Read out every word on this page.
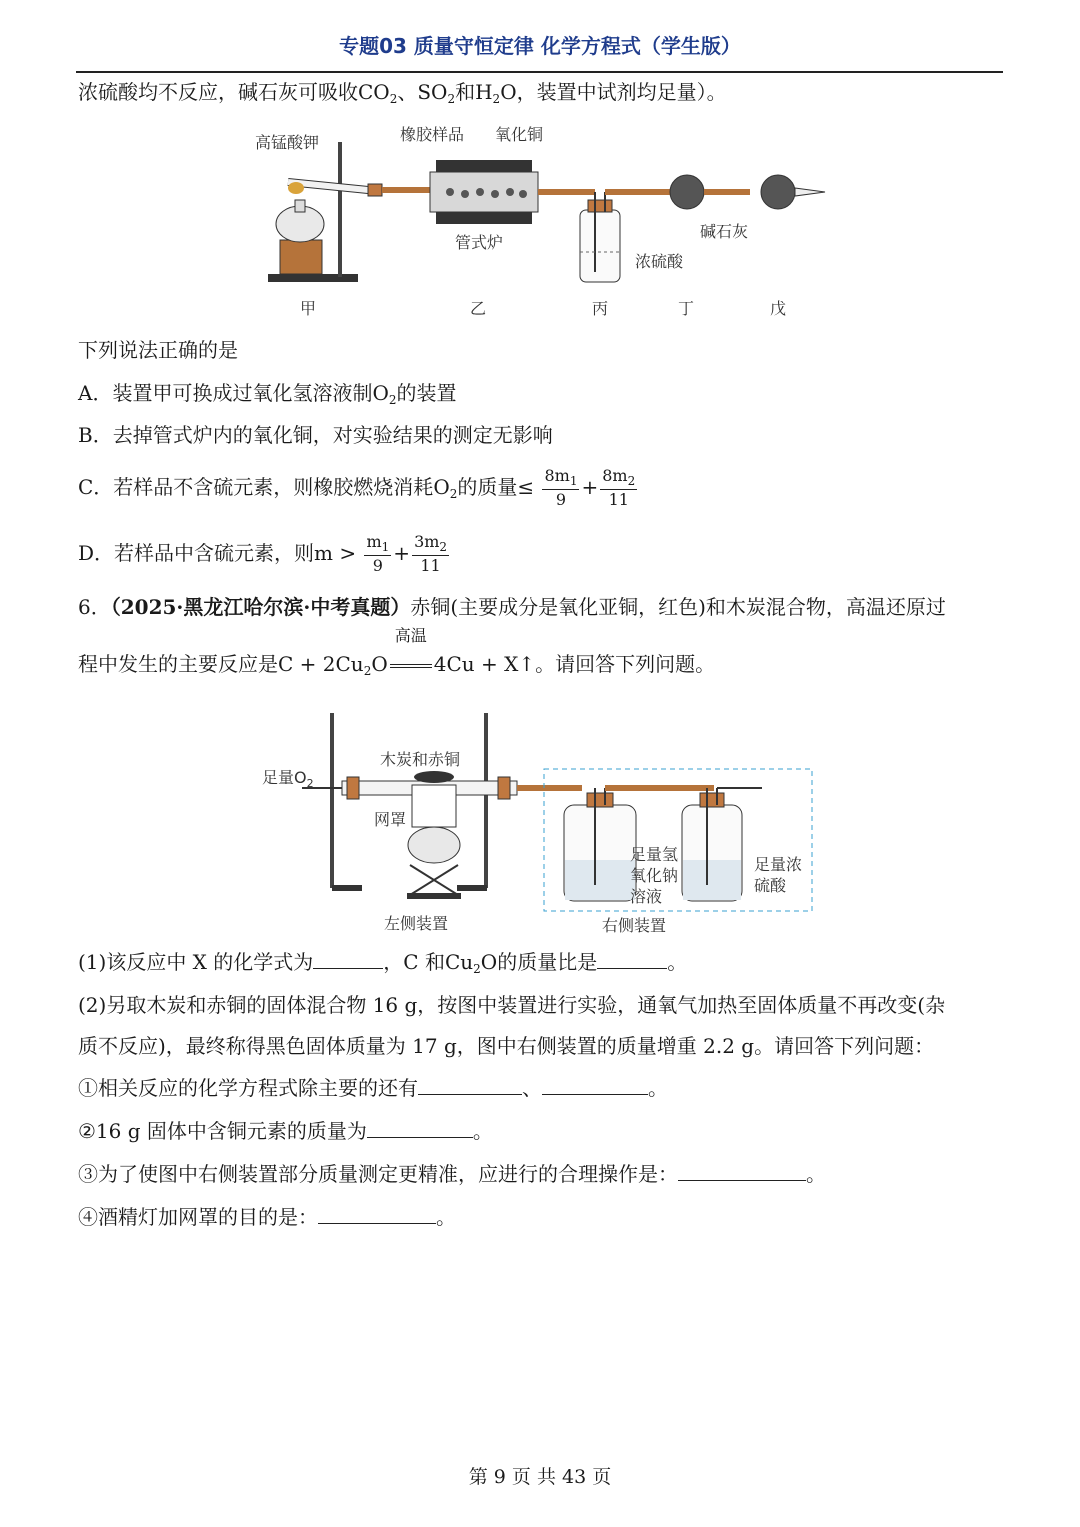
专题03 质量守恒定律 化学方程式（学生版）
浓硫酸均不反应，碱石灰可吸收$CO_2$、$SO_2$和$H_2O$，装置中试剂均足量）。
高锰酸钾	橡胶样品 氧化铜
管式炉
浓硫酸
碱石灰
甲	乙	丙	丁	戊
下列说法正确的是
A．装置甲可换成过氧化氢溶液制$O_2$的装置
B．去掉管式炉内的氧化铜，对实验结果的测定无影响
C．若样品不含硫元素，则橡胶燃烧消耗$O_2$的质量≤ $\frac{8m_1}{9} + \frac{8m_2}{11}$
D．若样品中含硫元素，则$m > \frac{m_1}{9} + \frac{3m_2}{11}$
6．（2025·黑龙江哈尔滨·中考真题）赤铜(主要成分是氧化亚铜，红色)和木炭混合物，高温还原过
程中发生的主要反应是$C + 2Cu_2O$
高温
4Cu + X↑。请回答下列问题。
足量$O_2$
木炭和赤铜
网罩
足量氢
氧化钠
溶液
足量浓
硫酸
左侧装置	右侧装置
(1)该反应中 X 的化学式为	，C 和$Cu_2O$的质量比是	。
(2)另取木炭和赤铜的固体混合物 16 g，按图中装置进行实验，通氧气加热至固体质量不再改变(杂
质不反应)，最终称得黑色固体质量为 17 g，图中右侧装置的质量增重 2.2 g。请回答下列问题：
①相关反应的化学方程式除主要的还有	、	。
②16 g 固体中含铜元素的质量为	。
③为了使图中右侧装置部分质量测定更精准，应进行的合理操作是：	。
④酒精灯加网罩的目的是：	。
第 9 页 共 43 页
